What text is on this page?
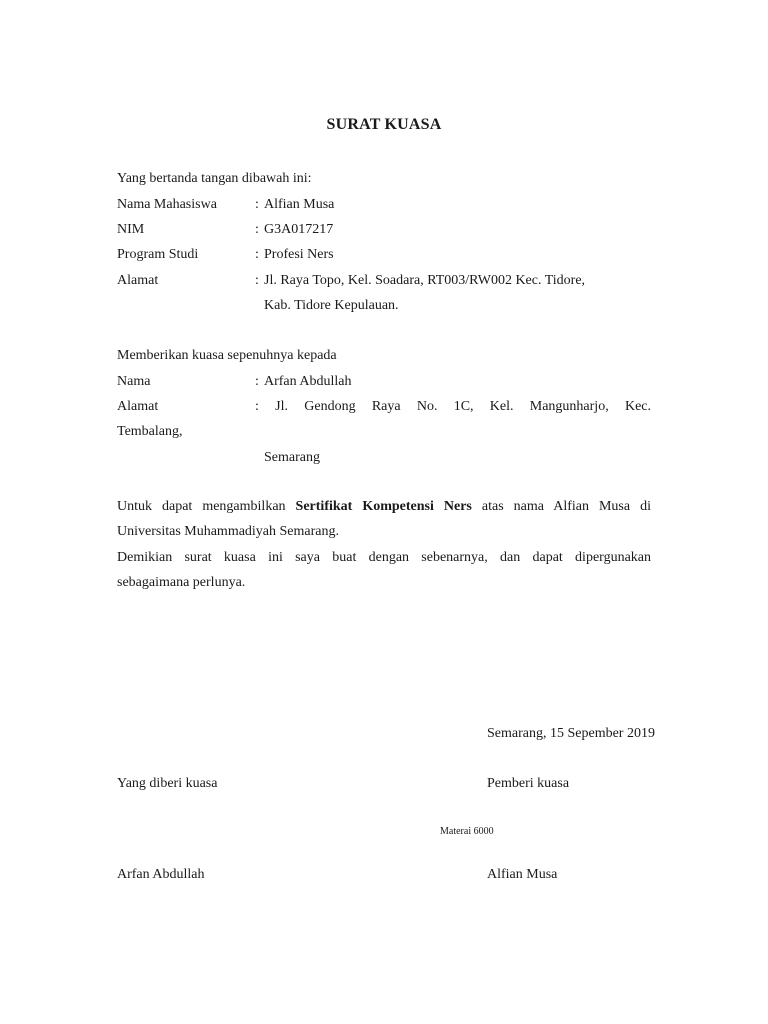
SURAT KUASA
Yang bertanda tangan dibawah ini:
Nama Mahasiswa	: Alfian Musa
NIM	: G3A017217
Program Studi	: Profesi Ners
Alamat	: Jl. Raya Topo, Kel. Soadara, RT003/RW002 Kec. Tidore,
Kab. Tidore Kepulauan.
Memberikan kuasa sepenuhnya kepada
Nama	: Arfan Abdullah
Alamat	: Jl. Gendong Raya No. 1C, Kel. Mangunharjo, Kec.
Tembalang,
Semarang
Untuk dapat mengambilkan Sertifikat Kompetensi Ners atas nama Alfian Musa di
Universitas Muhammadiyah Semarang.
Demikian surat kuasa ini saya buat dengan sebenarnya, dan dapat dipergunakan
sebagaimana perlunya.
Semarang, 15 Sepember 2019
Yang diberi kuasa	Pemberi kuasa
Materai 6000
Arfan Abdullah	Alfian Musa
